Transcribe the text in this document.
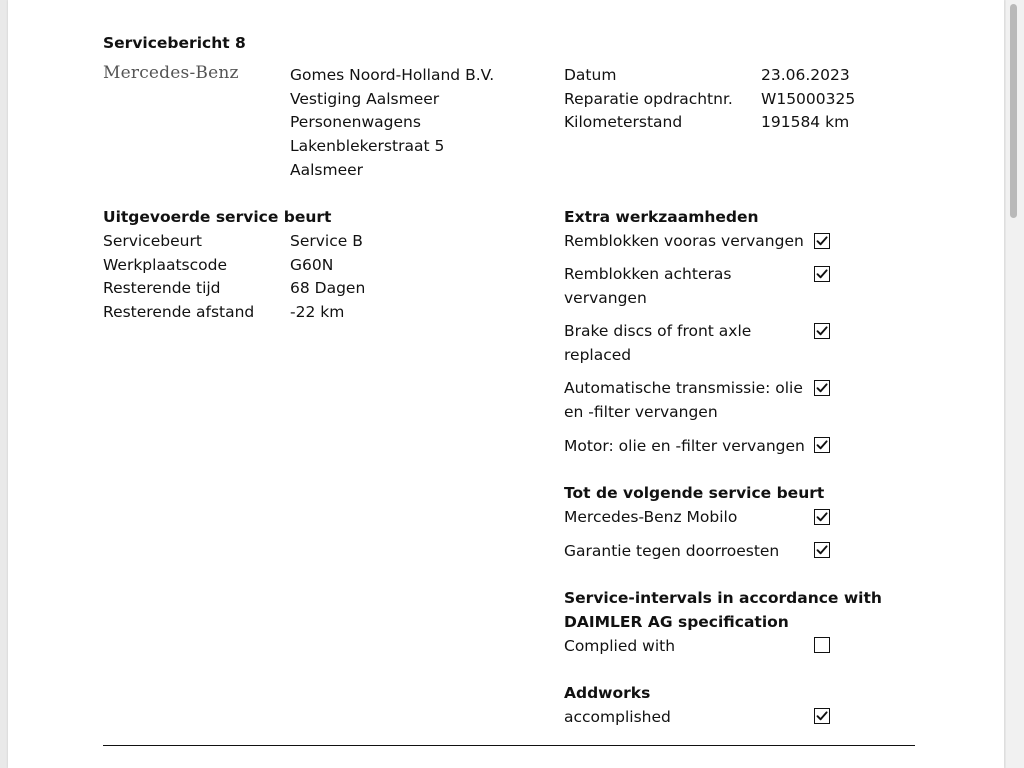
Servicebericht 8
Mercedes-Benz	Gomes Noord-Holland B.V.
Vestiging Aalsmeer
Personenwagens
Lakenblekerstraat 5
Aalsmeer
Datum	23.06.2023
Reparatie opdrachtnr. W15000325
Kilometerstand	191584 km
Uitgevoerde service beurt
Servicebeurt	Service B
Werkplaatscode	G60N
Resterende tijd	68 Dagen
Resterende afstand -22 km
Extra werkzaamheden
Remblokken vooras vervangen
Remblokken achteras vervangen
Brake discs of front axle replaced
Automatische transmissie: olie en -filter vervangen
Motor: olie en -filter vervangen
Tot de volgende service beurt
Mercedes-Benz Mobilo
Garantie tegen doorroesten
Service-intervals in accordance with
DAIMLER AG specification
Complied with
Addworks
accomplished
